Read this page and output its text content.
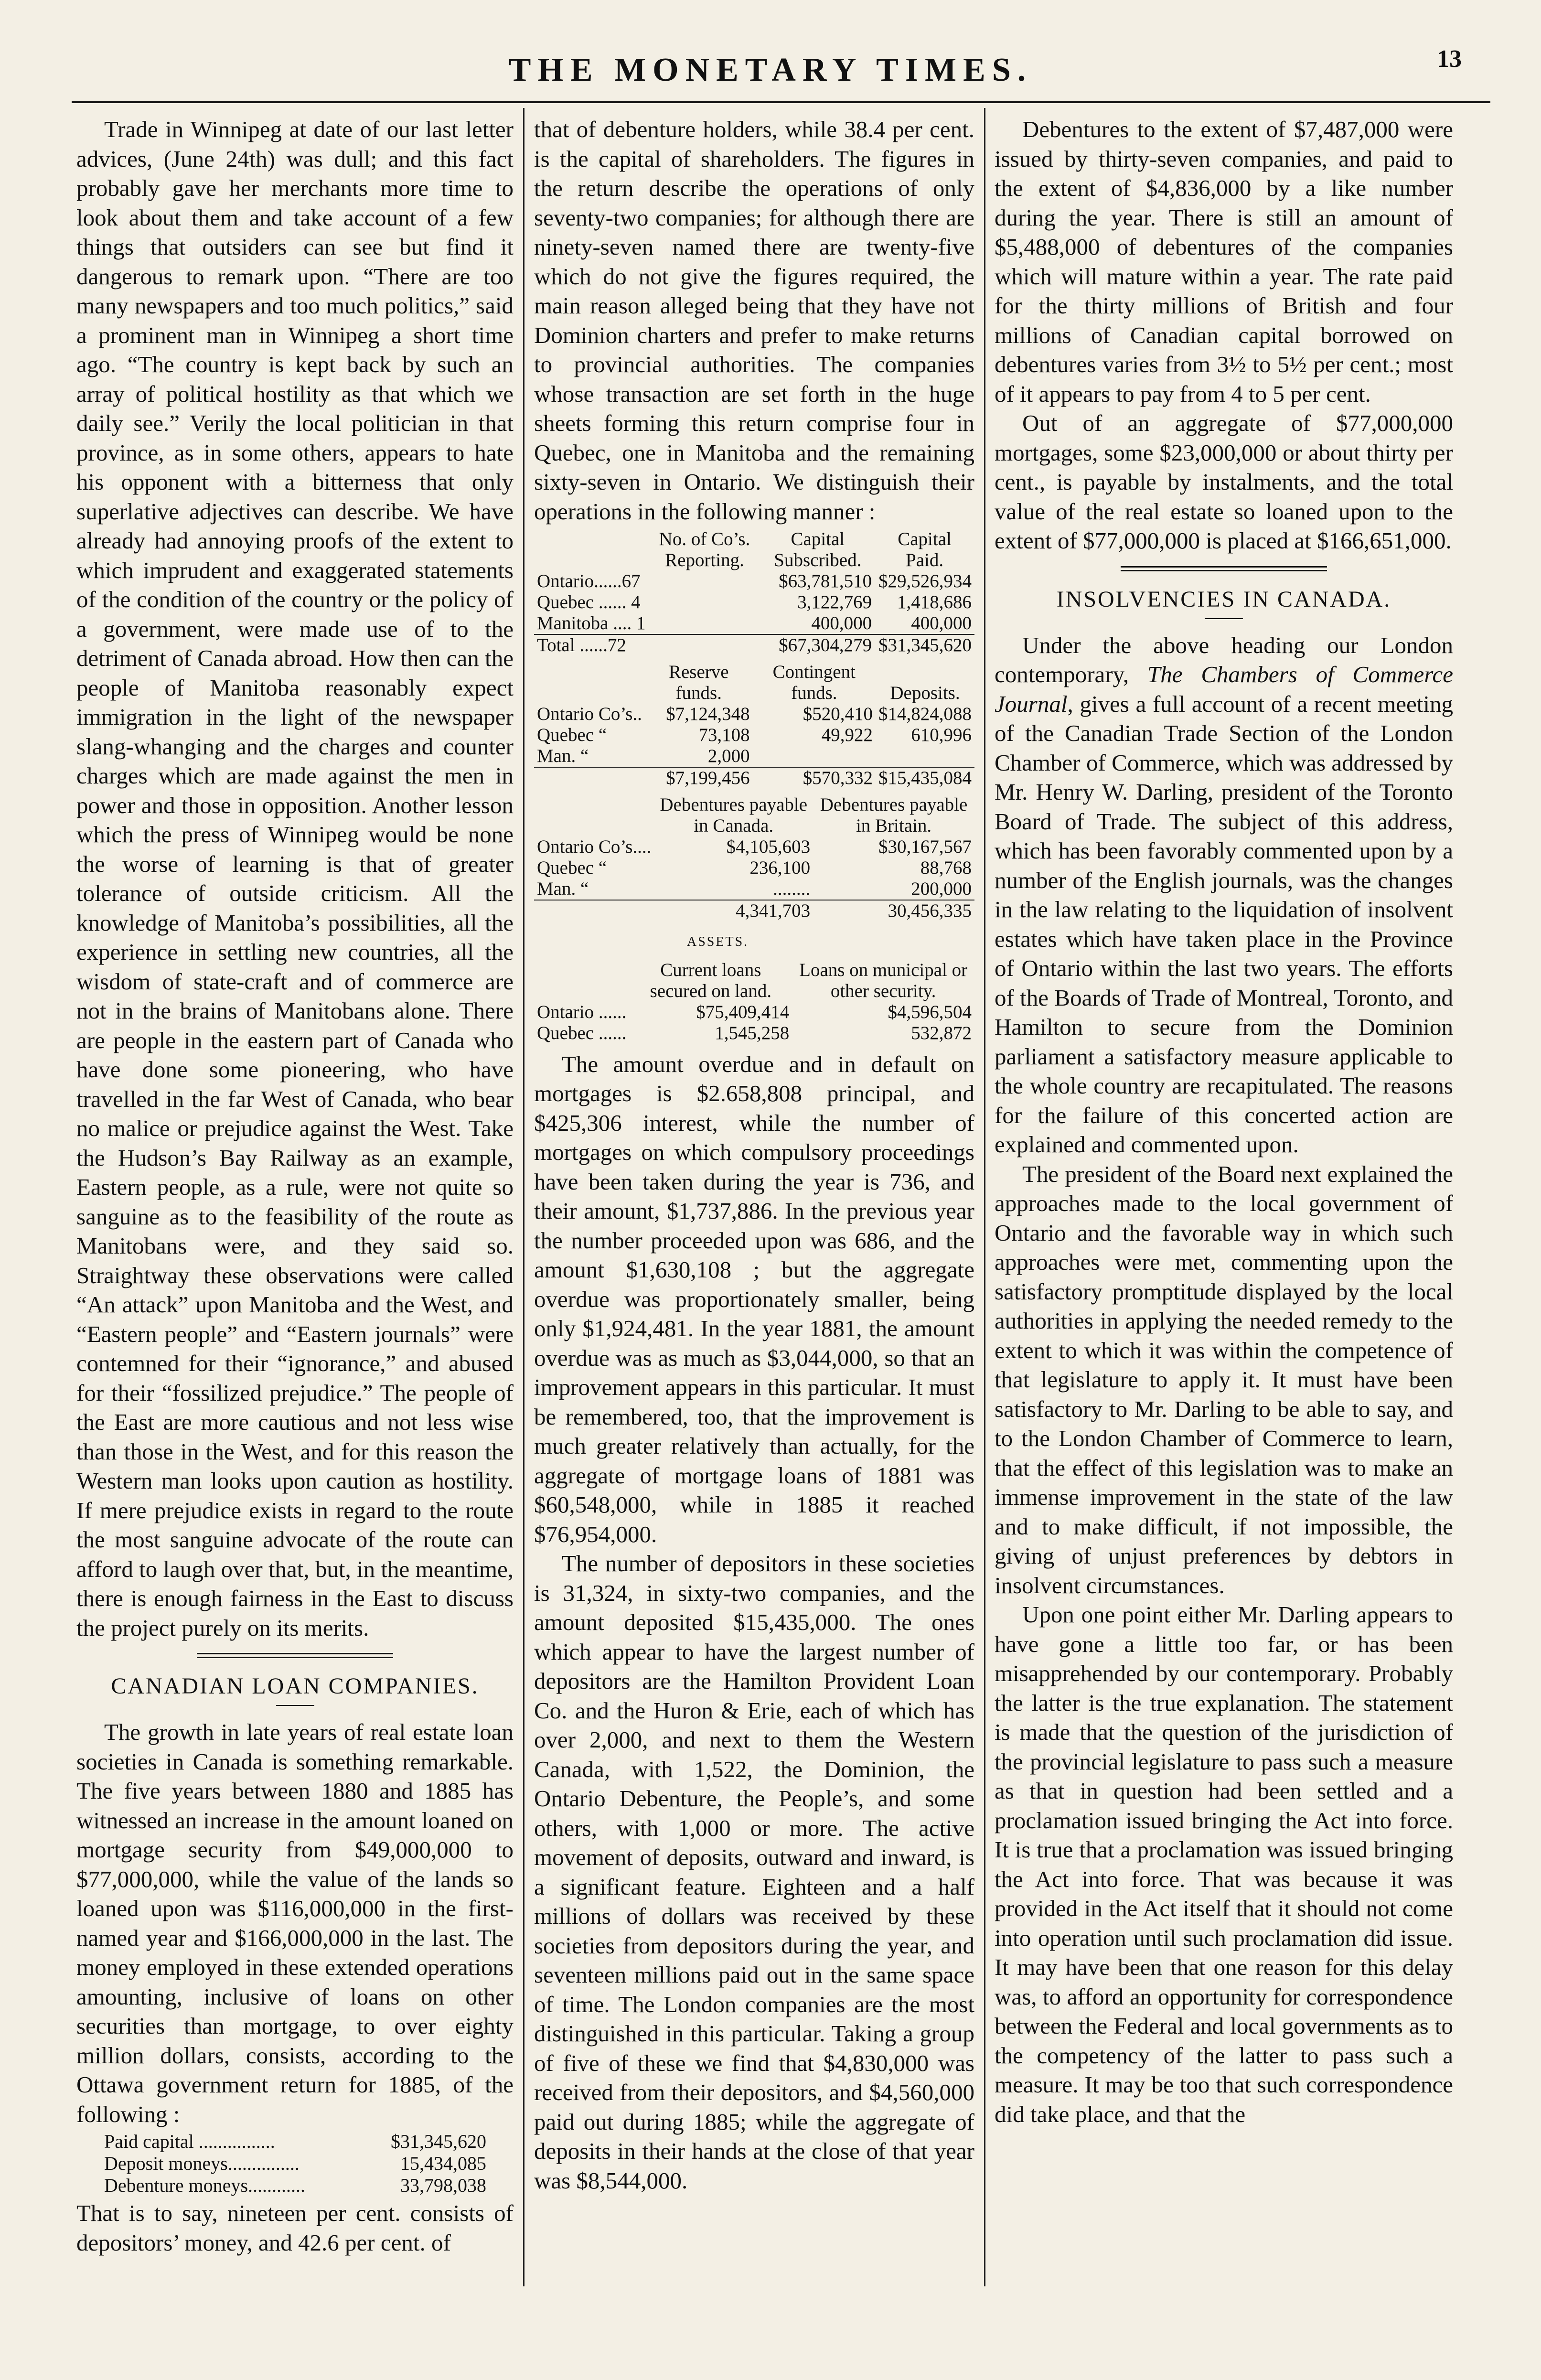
THE MONETARY TIMES.	13

Trade in Winnipeg at date of our last letter advices, (June 24th) was dull; and this fact probably gave her merchants more time to look about them and take account of a few things that outsiders can see but find it dangerous to remark upon. “There are too many newspapers and too much politics,” said a prominent man in Winnipeg a short time ago. “The country is kept back by such an array of political hostility as that which we daily see.” Verily the local politician in that province, as in some others, appears to hate his opponent with a bitterness that only superlative adjectives can describe. We have already had annoying proofs of the extent to which imprudent and exaggerated statements of the condition of the country or the policy of a government, were made use of to the detriment of Canada abroad. How then can the people of Manitoba reasonably expect immigration in the light of the newspaper slang-whanging and the charges and counter charges which are made against the men in power and those in opposition. Another lesson which the press of Winnipeg would be none the worse of learning is that of greater tolerance of outside criticism. All the knowledge of Manitoba’s possibilities, all the experience in settling new countries, all the wisdom of state-craft and of commerce are not in the brains of Manitobans alone. There are people in the eastern part of Canada who have done some pioneering, who have travelled in the far West of Canada, who bear no malice or prejudice against the West. Take the Hudson’s Bay Railway as an example, Eastern people, as a rule, were not quite so sanguine as to the feasibility of the route as Manitobans were, and they said so. Straightway these observations were called “An attack” upon Manitoba and the West, and “Eastern people” and “Eastern journals” were contemned for their “ignorance,” and abused for their “fossilized prejudice.” The people of the East are more cautious and not less wise than those in the West, and for this reason the Western man looks upon caution as hostility. If mere prejudice exists in regard to the route the most sanguine advocate of the route can afford to laugh over that, but, in the meantime, there is enough fairness in the East to discuss the project purely on its merits.

CANADIAN LOAN COMPANIES.

The growth in late years of real estate loan societies in Canada is something remarkable. The five years between 1880 and 1885 has witnessed an increase in the amount loaned on mortgage security from $49,000,000 to $77,000,000, while the value of the lands so loaned upon was $116,000,000 in the first-named year and $166,000,000 in the last. The money employed in these extended operations amounting, inclusive of loans on other securities than mortgage, to over eighty million dollars, consists, according to the Ottawa government return for 1885, of the following :

Paid capital ................	$31,345,620
Deposit moneys...............	15,434,085
Debenture moneys............	33,798,038

That is to say, nineteen per cent. consists of depositors’ money, and 42.6 per cent. of

that of debenture holders, while 38.4 per cent. is the capital of shareholders. The figures in the return describe the operations of only seventy-two companies; for although there are ninety-seven named there are twenty-five which do not give the figures required, the main reason alleged being that they have not Dominion charters and prefer to make returns to provincial authorities. The companies whose transaction are set forth in the huge sheets forming this return comprise four in Quebec, one in Manitoba and the remaining sixty-seven in Ontario. We distinguish their operations in the following manner :

	No. of Co’s. Reporting.	Capital Subscribed.	Capital Paid.
Ontario......67		$63,781,510	$29,526,934
Quebec ...... 4		3,122,769	1,418,686
Manitoba .... 1		400,000	400,000
Total ......72		$67,304,279	$31,345,620
	Reserve funds.	Contingent funds.	Deposits.
Ontario Co’s..	$7,124,348	$520,410	$14,824,088
Quebec “	73,108	49,922	610,996
Man. “	2,000		
	$7,199,456	$570,332	$15,435,084
	Debentures payable in Canada.	Debentures payable in Britain.
Ontario Co’s....	$4,105,603	$30,167,567
Quebec “	236,100	88,768
Man. “	........	200,000
	4,341,703	30,456,335
ASSETS.
	Current loans secured on land.	Loans on municipal or other security.
Ontario ......	$75,409,414	$4,596,504
Quebec ......	1,545,258	532,872

The amount overdue and in default on mortgages is $2.658,808 principal, and $425,306 interest, while the number of mortgages on which compulsory proceedings have been taken during the year is 736, and their amount, $1,737,886. In the previous year the number proceeded upon was 686, and the amount $1,630,108 ; but the aggregate overdue was proportionately smaller, being only $1,924,481. In the year 1881, the amount overdue was as much as $3,044,000, so that an improvement appears in this particular. It must be remembered, too, that the improvement is much greater relatively than actually, for the aggregate of mortgage loans of 1881 was $60,548,000, while in 1885 it reached $76,954,000.

The number of depositors in these societies is 31,324, in sixty-two companies, and the amount deposited $15,435,000. The ones which appear to have the largest number of depositors are the Hamilton Provident Loan Co. and the Huron & Erie, each of which has over 2,000, and next to them the Western Canada, with 1,522, the Dominion, the Ontario Debenture, the People’s, and some others, with 1,000 or more. The active movement of deposits, outward and inward, is a significant feature. Eighteen and a half millions of dollars was received by these societies from depositors during the year, and seventeen millions paid out in the same space of time. The London companies are the most distinguished in this particular. Taking a group of five of these we find that $4,830,000 was received from their depositors, and $4,560,000 paid out during 1885; while the aggregate of deposits in their hands at the close of that year was $8,544,000.

Debentures to the extent of $7,487,000 were issued by thirty-seven companies, and paid to the extent of $4,836,000 by a like number during the year. There is still an amount of $5,488,000 of debentures of the companies which will mature within a year. The rate paid for the thirty millions of British and four millions of Canadian capital borrowed on debentures varies from 3½ to 5½ per cent.; most of it appears to pay from 4 to 5 per cent.

Out of an aggregate of $77,000,000 mortgages, some $23,000,000 or about thirty per cent., is payable by instalments, and the total value of the real estate so loaned upon to the extent of $77,000,000 is placed at $166,651,000.

INSOLVENCIES IN CANADA.

Under the above heading our London contemporary, The Chambers of Commerce Journal, gives a full account of a recent meeting of the Canadian Trade Section of the London Chamber of Commerce, which was addressed by Mr. Henry W. Darling, president of the Toronto Board of Trade. The subject of this address, which has been favorably commented upon by a number of the English journals, was the changes in the law relating to the liquidation of insolvent estates which have taken place in the Province of Ontario within the last two years. The efforts of the Boards of Trade of Montreal, Toronto, and Hamilton to secure from the Dominion parliament a satisfactory measure applicable to the whole country are recapitulated. The reasons for the failure of this concerted action are explained and commented upon.

The president of the Board next explained the approaches made to the local government of Ontario and the favorable way in which such approaches were met, commenting upon the satisfactory promptitude displayed by the local authorities in applying the needed remedy to the extent to which it was within the competence of that legislature to apply it. It must have been satisfactory to Mr. Darling to be able to say, and to the London Chamber of Commerce to learn, that the effect of this legislation was to make an immense improvement in the state of the law and to make difficult, if not impossible, the giving of unjust preferences by debtors in insolvent circumstances.

Upon one point either Mr. Darling appears to have gone a little too far, or has been misapprehended by our contemporary. Probably the latter is the true explanation. The statement is made that the question of the jurisdiction of the provincial legislature to pass such a measure as that in question had been settled and a proclamation issued bringing the Act into force. It is true that a proclamation was issued bringing the Act into force. That was because it was provided in the Act itself that it should not come into operation until such proclamation did issue. It may have been that one reason for this delay was, to afford an opportunity for correspondence between the Federal and local governments as to the competency of the latter to pass such a measure. It may be too that such correspondence did take place, and that the
